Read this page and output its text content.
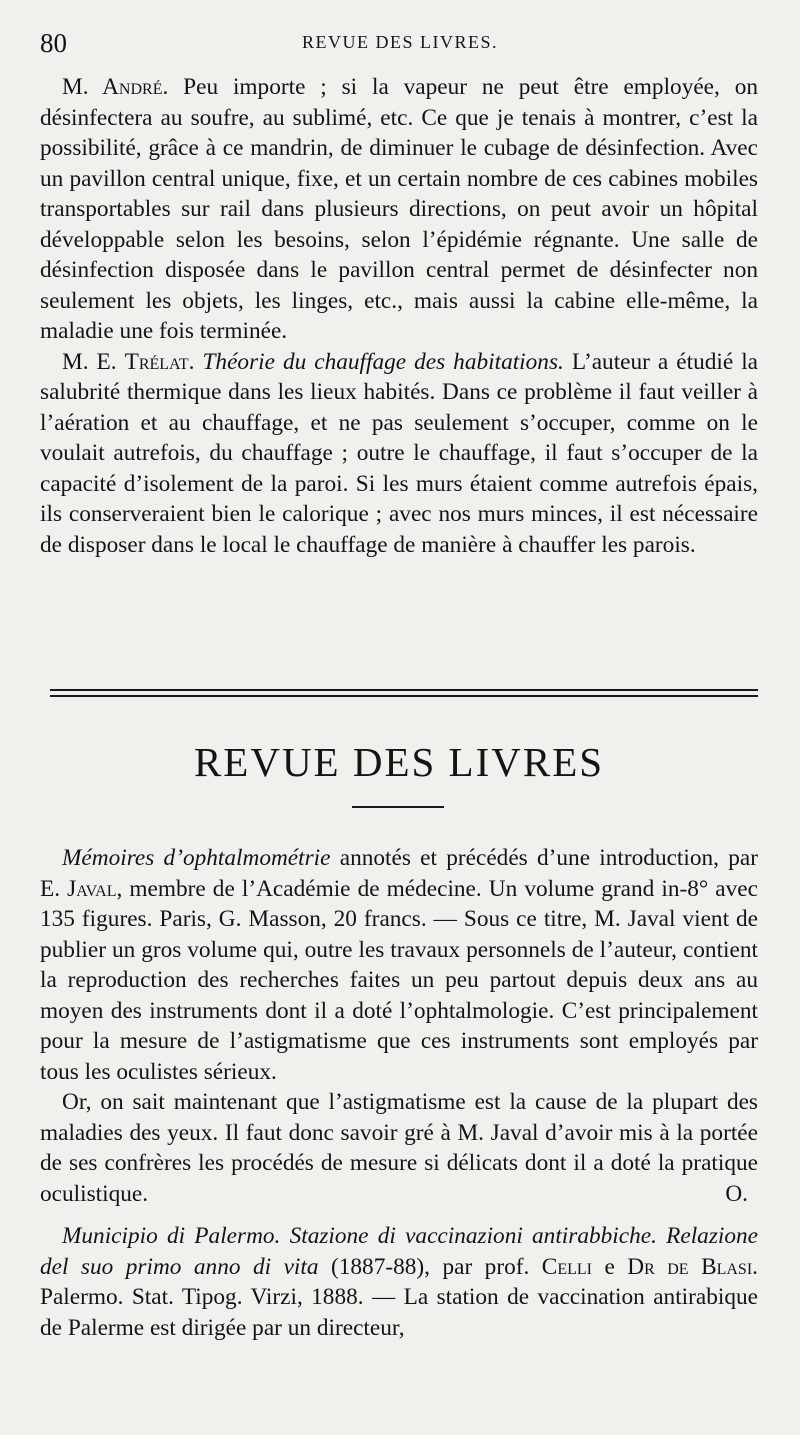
80	REVUE DES LIVRES.

M. André. Peu importe ; si la vapeur ne peut être employée, on désinfectera au soufre, au sublimé, etc. Ce que je tenais à montrer, c’est la possibilité, grâce à ce mandrin, de diminuer le cubage de désinfection. Avec un pavillon central unique, fixe, et un certain nombre de ces cabines mobiles transportables sur rail dans plusieurs directions, on peut avoir un hôpital développable selon les besoins, selon l’épidémie régnante. Une salle de désinfection disposée dans le pavillon central permet de désinfecter non seulement les objets, les linges, etc., mais aussi la cabine elle-même, la maladie une fois terminée.

M. E. Trélat. Théorie du chauffage des habitations. L’auteur a étudié la salubrité thermique dans les lieux habités. Dans ce problème il faut veiller à l’aération et au chauffage, et ne pas seulement s’occuper, comme on le voulait autrefois, du chauffage ; outre le chauffage, il faut s’occuper de la capacité d’isolement de la paroi. Si les murs étaient comme autrefois épais, ils conserveraient bien le calorique ; avec nos murs minces, il est nécessaire de disposer dans le local le chauffage de manière à chauffer les parois.

REVUE DES LIVRES

Mémoires d’ophtalmométrie annotés et précédés d’une introduction, par E. Javal, membre de l’Académie de médecine. Un volume grand in-8° avec 135 figures. Paris, G. Masson, 20 francs. — Sous ce titre, M. Javal vient de publier un gros volume qui, outre les travaux personnels de l’auteur, contient la reproduction des recherches faites un peu partout depuis deux ans au moyen des instruments dont il a doté l’ophtalmologie. C’est principalement pour la mesure de l’astigmatisme que ces instruments sont employés par tous les oculistes sérieux.

Or, on sait maintenant que l’astigmatisme est la cause de la plupart des maladies des yeux. Il faut donc savoir gré à M. Javal d’avoir mis à la portée de ses confrères les procédés de mesure si délicats dont il a doté la pratique oculistique.	O.

Municipio di Palermo. Stazione di vaccinazioni antirabbiche. Relazione del suo primo anno di vita (1887-88), par prof. Celli e Dr de Blasi. Palermo. Stat. Tipog. Virzi, 1888. — La station de vaccination antirabique de Palerme est dirigée par un directeur,
